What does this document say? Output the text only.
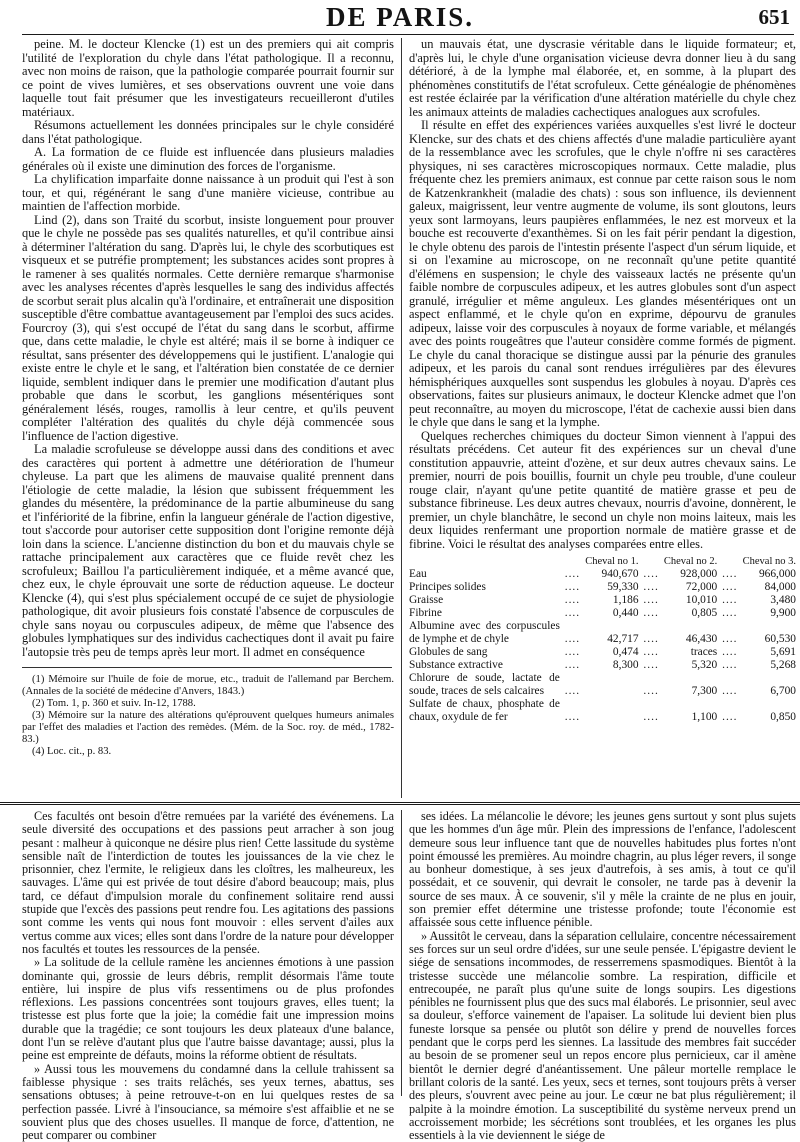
DE PARIS.	651

peine. M. le docteur Klencke (1) est un des premiers qui ait compris l'utilité de l'exploration du chyle dans l'état pathologique. Il a reconnu, avec non moins de raison, que la pathologie comparée pourrait fournir sur ce point de vives lumières, et ses observations ouvrent une voie dans laquelle tout fait présumer que les investigateurs recueilleront d'utiles matériaux.

Résumons actuellement les données principales sur le chyle considéré dans l'état pathologique.

A. La formation de ce fluide est influencée dans plusieurs maladies générales où il existe une diminution des forces de l'organisme.

La chylification imparfaite donne naissance à un produit qui l'est à son tour, et qui, régénérant le sang d'une manière vicieuse, contribue au maintien de l'affection morbide.

Lind (2), dans son Traité du scorbut, insiste longuement pour prouver que le chyle ne possède pas ses qualités naturelles, et qu'il contribue ainsi à déterminer l'altération du sang. D'après lui, le chyle des scorbutiques est visqueux et se putréfie promptement; les substances acides sont propres à le ramener à ses qualités normales. Cette dernière remarque s'harmonise avec les analyses récentes d'après lesquelles le sang des individus affectés de scorbut serait plus alcalin qu'à l'ordinaire, et entraînerait une disposition susceptible d'être combattue avantageusement par l'emploi des sucs acides. Fourcroy (3), qui s'est occupé de l'état du sang dans le scorbut, affirme que, dans cette maladie, le chyle est altéré; mais il se borne à indiquer ce résultat, sans présenter des développemens qui le justifient. L'analogie qui existe entre le chyle et le sang, et l'altération bien constatée de ce dernier liquide, semblent indiquer dans le premier une modification d'autant plus probable que dans le scorbut, les ganglions mésentériques sont généralement lésés, rouges, ramollis à leur centre, et qu'ils peuvent compléter l'altération des qualités du chyle déjà commencée sous l'influence de l'action digestive.

La maladie scrofuleuse se développe aussi dans des conditions et avec des caractères qui portent à admettre une détérioration de l'humeur chyleuse. La part que les alimens de mauvaise qualité prennent dans l'étiologie de cette maladie, la lésion que subissent fréquemment les glandes du mésentère, la prédominance de la partie albumineuse du sang et l'infériorité de la fibrine, enfin la langueur générale de l'action digestive, tout s'accorde pour autoriser cette supposition dont l'origine remonte déjà loin dans la science. L'ancienne distinction du bon et du mauvais chyle se rattache principalement aux caractères que ce fluide revêt chez les scrofuleux; Baillou l'a particulièrement indiquée, et a même avancé que, chez eux, le chyle éprouvait une sorte de réduction aqueuse. Le docteur Klencke (4), qui s'est plus spécialement occupé de ce sujet de physiologie pathologique, dit avoir plusieurs fois constaté l'absence de corpuscules de chyle sans noyau ou corpuscules adipeux, de même que l'absence des globules lymphatiques sur des individus cachectiques dont il avait pu faire l'autopsie très peu de temps après leur mort. Il admet en conséquence

(1) Mémoire sur l'huile de foie de morue, etc., traduit de l'allemand par Berchem. (Annales de la société de médecine d'Anvers, 1843.)

(2) Tom. 1, p. 360 et suiv. In-12, 1788.

(3) Mémoire sur la nature des altérations qu'éprouvent quelques humeurs animales par l'effet des maladies et l'action des remèdes. (Mém. de la Soc. roy. de méd., 1782-83.)

(4) Loc. cit., p. 83.

un mauvais état, une dyscrasie véritable dans le liquide formateur; et, d'après lui, le chyle d'une organisation vicieuse devra donner lieu à du sang détérioré, à de la lymphe mal élaborée, et, en somme, à la plupart des phénomènes constitutifs de l'état scrofuleux. Cette généalogie de phénomènes est restée éclairée par la vérification d'une altération matérielle du chyle chez les animaux atteints de maladies cachectiques analogues aux scrofules.

Il résulte en effet des expériences variées auxquelles s'est livré le docteur Klencke, sur des chats et des chiens affectés d'une maladie particulière ayant de la ressemblance avec les scrofules, que le chyle n'offre ni ses caractères physiques, ni ses caractères microscopiques normaux. Cette maladie, plus fréquente chez les premiers animaux, est connue par cette raison sous le nom de Katzenkrankheit (maladie des chats) : sous son influence, ils deviennent galeux, maigrissent, leur ventre augmente de volume, ils sont gloutons, leurs yeux sont larmoyans, leurs paupières enflammées, le nez est morveux et la bouche est recouverte d'exanthèmes. Si on les fait périr pendant la digestion, le chyle obtenu des parois de l'intestin présente l'aspect d'un sérum liquide, et si on l'examine au microscope, on ne reconnaît qu'une petite quantité d'élémens en suspension; le chyle des vaisseaux lactés ne présente qu'un faible nombre de corpuscules adipeux, et les autres globules sont d'un aspect granulé, irrégulier et même anguleux. Les glandes mésentériques ont un aspect enflammé, et le chyle qu'on en exprime, dépourvu de granules adipeux, laisse voir des corpuscules à noyaux de forme variable, et mélangés avec des points rougeâtres que l'auteur considère comme formés de pigment. Le chyle du canal thoracique se distingue aussi par la pénurie des granules adipeux, et les parois du canal sont rendues irrégulières par des élevures hémisphériques auxquelles sont suspendus les globules à noyau. D'après ces observations, faites sur plusieurs animaux, le docteur Klencke admet que l'on peut reconnaître, au moyen du microscope, l'état de cachexie aussi bien dans le chyle que dans le sang et la lymphe.

Quelques recherches chimiques du docteur Simon viennent à l'appui des résultats précédens. Cet auteur fit des expériences sur un cheval d'une constitution appauvrie, atteint d'ozène, et sur deux autres chevaux sains. Le premier, nourri de pois bouillis, fournit un chyle peu trouble, d'une couleur rouge clair, n'ayant qu'une petite quantité de matière grasse et peu de substance fibrineuse. Les deux autres chevaux, nourris d'avoine, donnèrent, le premier, un chyle blanchâtre, le second un chyle non moins laiteux, mais les deux liquides renfermant une proportion normale de matière grasse et de fibrine. Voici le résultat des analyses comparées entre elles.

		Cheval no 1.		Cheval no 2.		Cheval no 3.
Eau	....	940,670	....	928,000	....	966,000
Principes solides	....	59,330	....	72,000	....	84,000
Graisse	....	1,186	....	10,010	....	3,480
Fibrine	....	0,440	....	0,805	....	9,900
Albumine avec des corpuscules de lymphe et de chyle	....	42,717	....	46,430	....	60,530
Globules de sang	....	0,474	....	traces	....	5,691
Substance extractive	....	8,300	....	5,320	....	5,268
Chlorure de soude, lactate de soude, traces de sels calcaires	....		....	7,300	....	6,700
Sulfate de chaux, phosphate de chaux, oxydule de fer	....		....	1,100	....	0,850

Ces facultés ont besoin d'être remuées par la variété des événemens. La seule diversité des occupations et des passions peut arracher à son joug pesant : malheur à quiconque ne désire plus rien! Cette lassitude du système sensible naît de l'interdiction de toutes les jouissances de la vie chez le prisonnier, chez l'ermite, le religieux dans les cloîtres, les malheureux, les sauvages. L'âme qui est privée de tout désire d'abord beaucoup; mais, plus tard, ce défaut d'impulsion morale du confinement solitaire rend aussi stupide que l'excès des passions peut rendre fou. Les agitations des passions sont comme les vents qui nous font mouvoir : elles servent d'ailes aux vertus comme aux vices; elles sont dans l'ordre de la nature pour développer nos facultés et toutes les ressources de la pensée.

» La solitude de la cellule ramène les anciennes émotions à une passion dominante qui, grossie de leurs débris, remplit désormais l'âme toute entière, lui inspire de plus vifs ressentimens ou de plus profondes réflexions. Les passions concentrées sont toujours graves, elles tuent; la tristesse est plus forte que la joie; la comédie fait une impression moins durable que la tragédie; ce sont toujours les deux plateaux d'une balance, dont l'un se relève d'autant plus que l'autre baisse davantage; aussi, plus la peine est empreinte de défauts, moins la réforme obtient de résultats.

» Aussi tous les mouvemens du condamné dans la cellule trahissent sa faiblesse physique : ses traits relâchés, ses yeux ternes, abattus, ses sensations obtuses; à peine retrouve-t-on en lui quelques restes de sa perfection passée. Livré à l'insouciance, sa mémoire s'est affaiblie et ne se souvient plus que des choses usuelles. Il manque de force, d'attention, ne peut comparer ou combiner

ses idées. La mélancolie le dévore; les jeunes gens surtout y sont plus sujets que les hommes d'un âge mûr. Plein des impressions de l'enfance, l'adolescent demeure sous leur influence tant que de nouvelles habitudes plus fortes n'ont point émoussé les premières. Au moindre chagrin, au plus léger revers, il songe au bonheur domestique, à ses jeux d'autrefois, à ses amis, à tout ce qu'il possédait, et ce souvenir, qui devrait le consoler, ne tarde pas à devenir la source de ses maux. À ce souvenir, s'il y mêle la crainte de ne plus en jouir, son premier effet détermine une tristesse profonde; toute l'économie est affaissée sous cette influence pénible.

» Aussitôt le cerveau, dans la séparation cellulaire, concentre nécessairement ses forces sur un seul ordre d'idées, sur une seule pensée. L'épigastre devient le siége de sensations incommodes, de resserremens spasmodiques. Bientôt à la tristesse succède une mélancolie sombre. La respiration, difficile et entrecoupée, ne paraît plus qu'une suite de longs soupirs. Les digestions pénibles ne fournissent plus que des sucs mal élaborés. Le prisonnier, seul avec sa douleur, s'efforce vainement de l'apaiser. La solitude lui devient bien plus funeste lorsque sa pensée ou plutôt son délire y prend de nouvelles forces pendant que le corps perd les siennes. La lassitude des membres fait succéder au besoin de se promener seul un repos encore plus pernicieux, car il amène bientôt le dernier degré d'anéantissement. Une pâleur mortelle remplace le brillant coloris de la santé. Les yeux, secs et ternes, sont toujours prêts à verser des pleurs, s'ouvrent avec peine au jour. Le cœur ne bat plus régulièrement; il palpite à la moindre émotion. La susceptibilité du système nerveux prend un accroissement morbide; les sécrétions sont troublées, et les organes les plus essentiels à la vie deviennent le siége de
